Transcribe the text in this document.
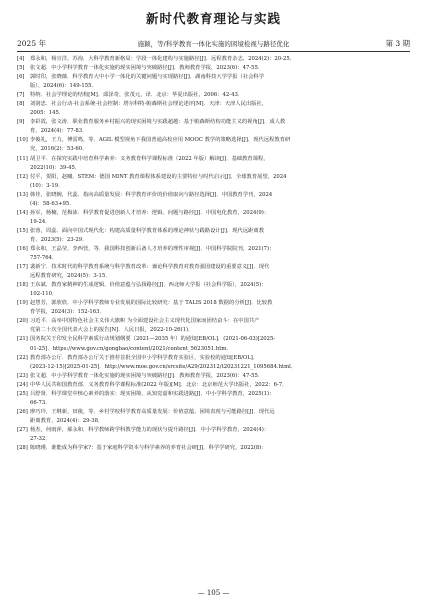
新时代教育理论与实践
2025 年	施颖，等/科学教育一体化实施的困境检视与路径优化	第 3 期
[4] 郑永和，杨宣洋，苏洵．大科学教育新格局：学段一体化建构与实施路径[J]．远程教育杂志，2024(2)：20-25．
[5] 张文超．中小学科学教育一体化实施的现实困境与突破路径[J]．教师教育学报，2023(6)：47-55．
[6] 郭时印，张晓薇．科学教育大中小学一体化的关键问题与实现路径[J]．湖南科技大学学报（社会科学
版），2024(6)：149-155．
[7] 特纳．社会学理论的结构[M]．邱泽奇，张茂元，译．北京：华夏出版社，2006：42-43．
[8] 刘润忠．社会行动·社会系统·社会控制：塔尔科特·帕森斯社会理论述评[M]．天津：天津人民出版社，
2005：145．
[9] 李彩霞，张文涛．职业教育服务乡村振兴的现实困境与实践超越：基于帕森斯结构功能主义的视角[J]．成人教
育，2024(4)：77-83．
[10] 李俊礼，王力，傅雷鸣，等．AGIL 模型视角下我国普通高校应用 MOOC 教学的策略选择[J]．现代远程教育研
究，2016(2)：53-60．
[11] 胡卫平．在探究实践中培育科学素养：义务教育科学课程标准（2022 年版）解读[J]．基础教育课程，
2022(10)：39-45．
[12] 付平，贺阳，赵曦．STEM：德国 MINT 教育课程体系建设的主要特征与时代启示[J]．全球教育展望，2024
(10)：3-19．
[13] 韩佳，张晓婉，代蕊．指向高质量发展：科学教育评价的价值取向与路径选择[J]．中国教育学刊，2024
(4)：58-63+95．
[14] 孙军，杨楠，范梅沛．科学教育促进创新人才培养：逻辑、问题与路径[J]．中国电化教育，2024(9)：
19-24．
[15] 张蓉，周蕊．面向中国式现代化：构建高质量科学教育体系的理论神状与践路设计[J]．现代远距离教
育，2023(5)：23-29．
[16] 郑永和，王晶莹，李西营，等．我国科技创新后备人才培养的理性审视[J]．中国科学院院刊，2021(7)：
757-764．
[17] 裴新宁．技术时代的科学教育系统与科学教育改革：兼论科学教育对教育强国建设的重要意义[J]．现代
远程教育研究，2024(5)：3-15．
[18] 王东斌．教育家精神的生成逻辑、价值意蕴与弘扬路径[J]．西北师大学报（社会科学版），2024(5)：
102-110．
[19] 赵慧芳，郭欣欣．中小学科学教师专业发展的国际比较研究：基于 TALIS 2018 数据的分析[J]．比较教
育学报，2024(3)：152-163．
[20] 习近平．高举中国特色社会主义伟大旗帜 为全面建设社会主义现代化国家而团结奋斗：在中国共产
党第二十次全国代表大会上的报告[N]．人民日报，2022-10-26(1)．
[21] 国务院关于印发全民科学素质行动规划纲要（2021—2035 年）的通知[EB/OL]．(2021-06-03)[2025-
01-25]．https://www.gov.cn/gongbao/content/2021/content_5623051.htm．
[22] 教育部办公厅．教育部办公厅关于推荐首批全国中小学科学教育实验区、实验校的通知[EB/OL]．
(2023-12-15)[2025-01-25]．http://www.moe.gov.cn/srcsite/A29/202312/t20231221_1095684.html．
[23] 张文超．中小学科学教育一体化实施的现实困境与突破路径[J]．教师教育学报，2023(6)：47-55．
[24] 中华人民共和国教育部．义务教育科学课程标准(2022 年版)[M]．北京：北京师范大学出版社，2022：6-7．
[25] 吕舒贤．科学课堂中核心素养的落实：现实困境、从知觉嘉和实践进路[J]．中小学科学教育，2025(1)：
66-73．
[26] 廖巧玲，王继新，田俊，等．乡村学校科学教育高质量发展：价值意蕴、困境表现与可能路径[J]．现代远
距离教育，2024(4)：29-38．
[27] 杨杰，何雨萍，郝永和．科学教师跨学科教学能力的现状与提升路径[J]．中小学科学教育，2024(4)：
27-32．
[28] 陈晓瑾．谁能成为科学家?：基于家庭科学资本与科学素养的养育社会研[J]．科学学研究，2022(8)：
— 105 —
